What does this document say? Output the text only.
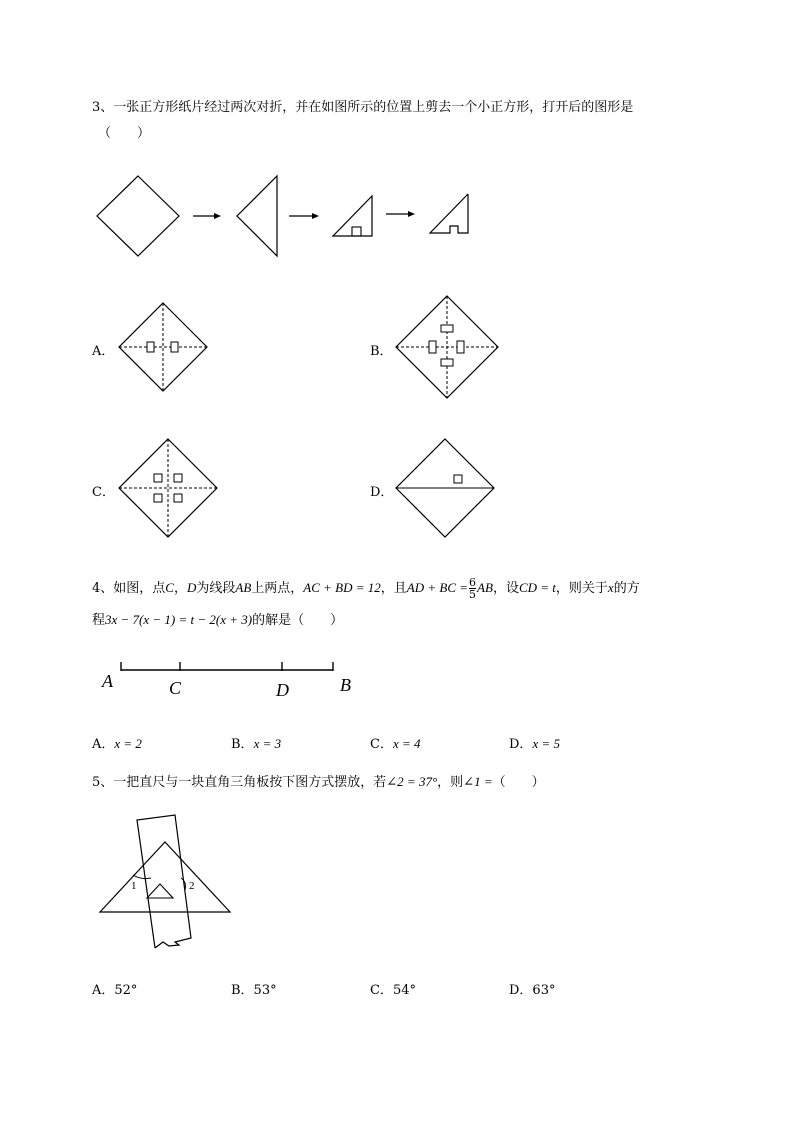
3、一张正方形纸片经过两次对折，并在如图所示的位置上剪去一个小正方形，打开后的图形是
（　　）
A．	B．
C．	D．
4、如图，点C，D为线段AB上两点，AC + BD = 12，且AD + BC = $\frac{6}{5}$ AB，设CD = t，则关于x的方
程3x − 7(x − 1) = t − 2(x + 3)的解是（　　）
A	C	D	B
A．x = 2	B．x = 3	C．x = 4	D．x = 5
5、一把直尺与一块直角三角板按下图方式摆放，若∠2 = 37°，则∠1 =（　　）
1	2
A．52°	B．53°	C．54°	D．63°
